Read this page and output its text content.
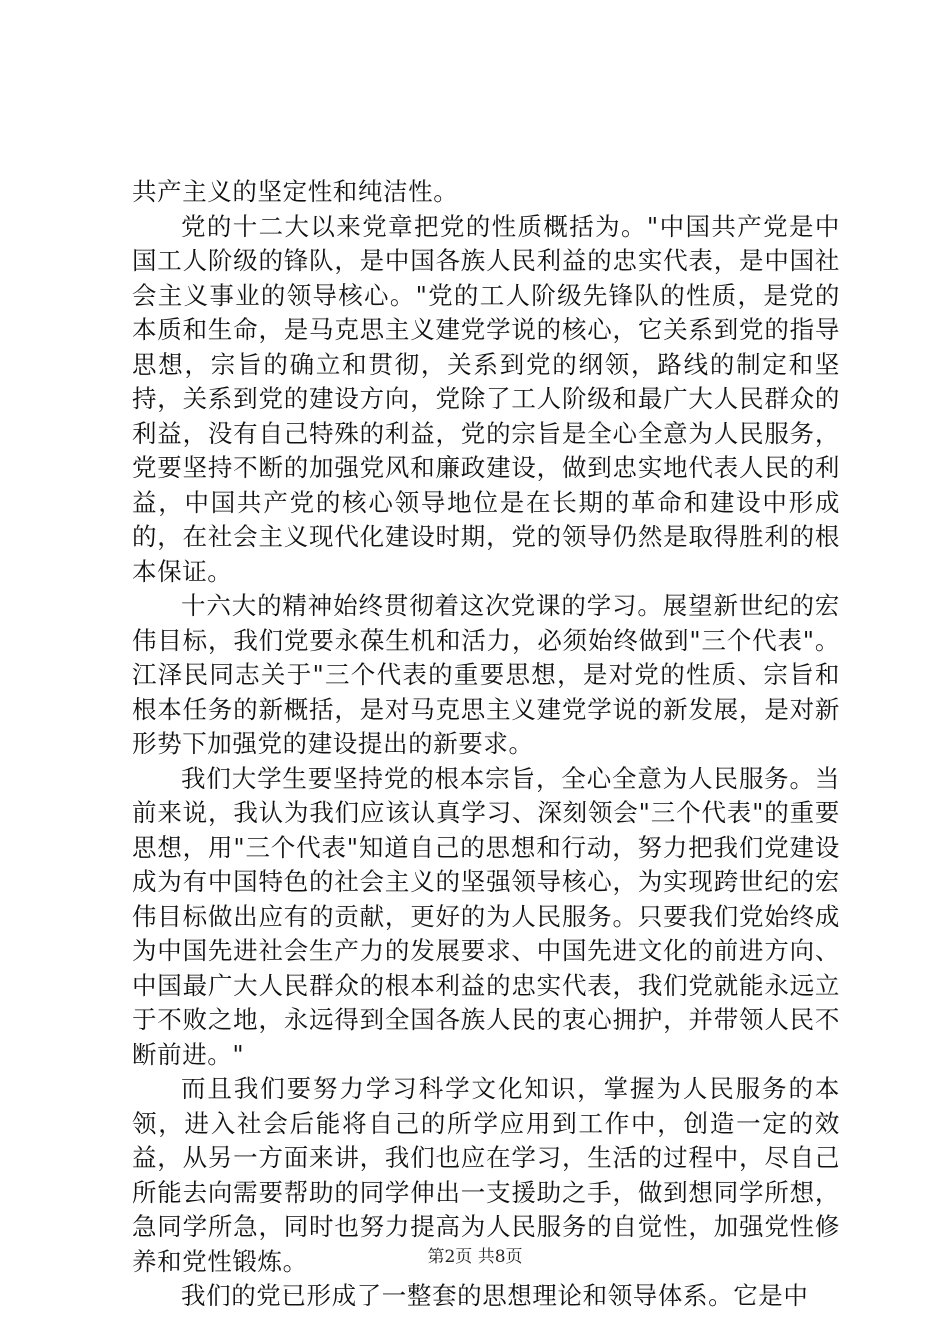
共产主义的坚定性和纯洁性。

党的十二大以来党章把党的性质概括为。"中国共产党是中国工人阶级的锋队，是中国各族人民利益的忠实代表，是中国社会主义事业的领导核心。"党的工人阶级先锋队的性质，是党的本质和生命，是马克思主义建党学说的核心，它关系到党的指导思想，宗旨的确立和贯彻，关系到党的纲领，路线的制定和坚持，关系到党的建设方向，党除了工人阶级和最广大人民群众的利益，没有自己特殊的利益，党的宗旨是全心全意为人民服务，党要坚持不断的加强党风和廉政建设，做到忠实地代表人民的利益，中国共产党的核心领导地位是在长期的革命和建设中形成的，在社会主义现代化建设时期，党的领导仍然是取得胜利的根本保证。

十六大的精神始终贯彻着这次党课的学习。展望新世纪的宏伟目标，我们党要永葆生机和活力，必须始终做到"三个代表"。江泽民同志关于"三个代表的重要思想，是对党的性质、宗旨和根本任务的新概括，是对马克思主义建党学说的新发展，是对新形势下加强党的建设提出的新要求。

我们大学生要坚持党的根本宗旨，全心全意为人民服务。当前来说，我认为我们应该认真学习、深刻领会"三个代表"的重要思想，用"三个代表"知道自己的思想和行动，努力把我们党建设成为有中国特色的社会主义的坚强领导核心，为实现跨世纪的宏伟目标做出应有的贡献，更好的为人民服务。只要我们党始终成为中国先进社会生产力的发展要求、中国先进文化的前进方向、中国最广大人民群众的根本利益的忠实代表，我们党就能永远立于不败之地，永远得到全国各族人民的衷心拥护，并带领人民不断前进。"

而且我们要努力学习科学文化知识，掌握为人民服务的本领，进入社会后能将自己的所学应用到工作中，创造一定的效益，从另一方面来讲，我们也应在学习，生活的过程中，尽自己所能去向需要帮助的同学伸出一支援助之手，做到想同学所想，急同学所急，同时也努力提高为人民服务的自觉性，加强党性修养和党性锻炼。

我们的党已形成了一整套的思想理论和领导体系。它是中

第2页 共8页
